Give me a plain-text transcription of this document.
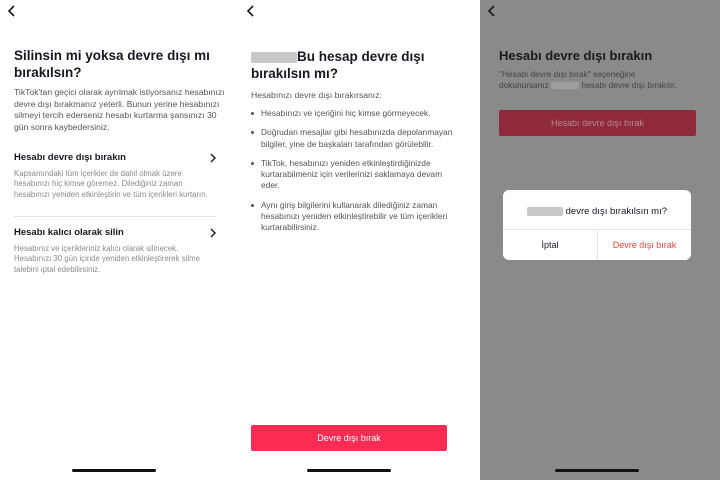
Silinsin mi yoksa devre dışı mı bırakılsın?
TikTok'tan geçici olarak ayrılmak istiyorsanız hesabınızı devre dışı bırakmanız yeterli. Bunun yerine hesabınızı silmeyi tercih ederseniz hesabı kurtarma şansınızı 30 gün sonra kaybedersiniz.
Hesabı devre dışı bırakın
Kapsamındaki tüm içerikler de dahil olmak üzere hesabınızı hiç kimse göremez. Dilediğiniz zaman hesabınızı yeniden etkinleştirin ve tüm içerikleri kurtarın.
Hesabı kalıcı olarak silin
Hesabınız ve içerikleriniz kalıcı olarak silinecek. Hesabınızı 30 gün içinde yeniden etkinleştirerek silme talebini iptal edebilirsiniz.
Bu hesap devre dışı bırakılsın mı?
Hesabınızı devre dışı bırakırsanız:
Hesabınızı ve içeriğini hiç kimse görmeyecek.
Doğrudan mesajlar gibi hesabınızda depolanmayan bilgiler, yine de başkaları tarafından görülebilir.
TikTok, hesabınızı yeniden etkinleştirdiğinizde kurtarabilmeniz için verilerinizi saklamaya devam eder.
Aynı giriş bilgilerini kullanarak dilediğiniz zaman hesabınızı yeniden etkinleştirebilir ve tüm içerikleri kurtarabilirsiniz.
Devre dışı bırak
Hesabı devre dışı bırakın
"Hesabı devre dışı bırak" seçeneğine
dokunursanız	hesabı devre dışı bırakılır.
Hesabı devre dışı bırak
devre dışı bırakılsın mı?
İptal	Devre dışı bırak
